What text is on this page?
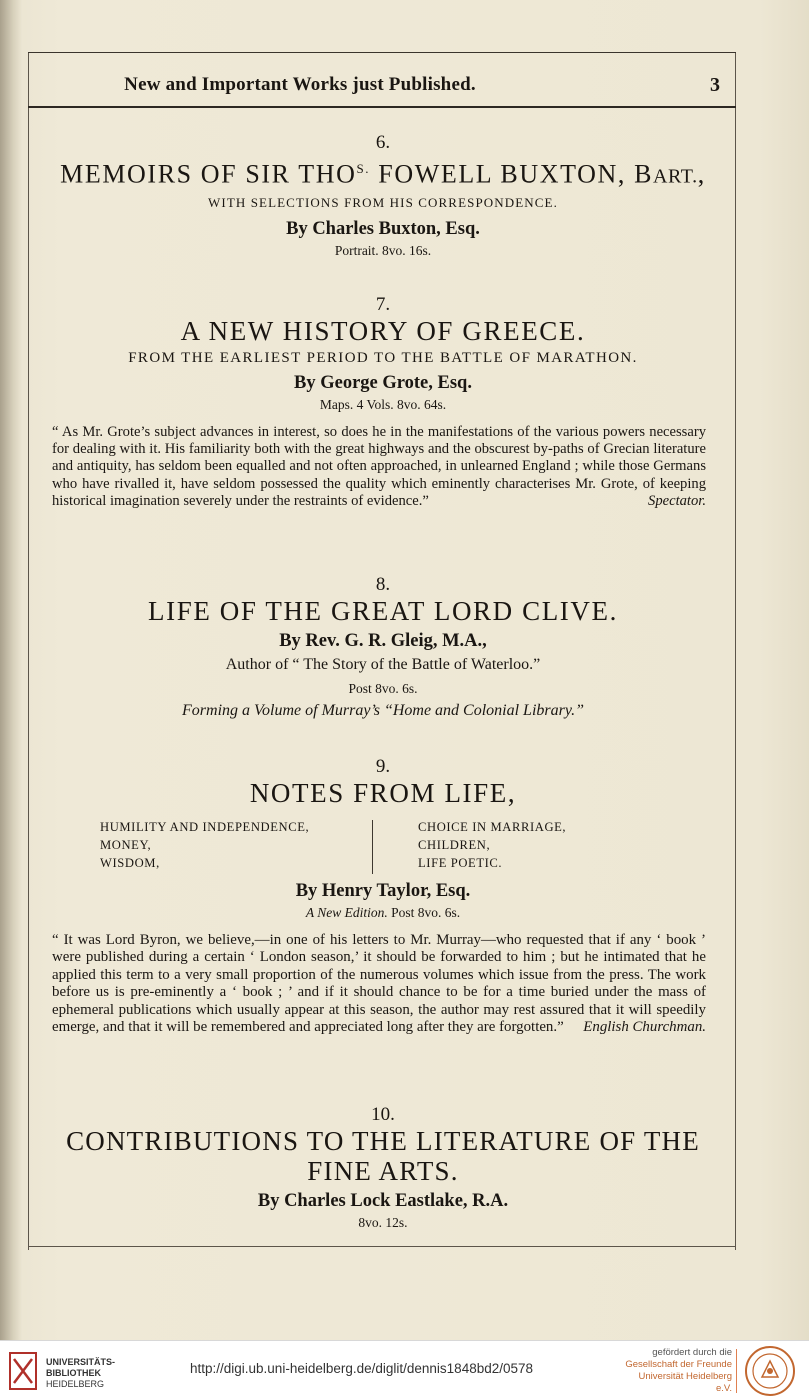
New and Important Works just Published.	3
6.
MEMOIRS OF SIR $THO^{S.}$ FOWELL BUXTON, BART.,
WITH SELECTIONS FROM HIS CORRESPONDENCE.
By Charles Buxton, Esq.
Portrait. 8vo. 16s.
7.
A NEW HISTORY OF GREECE.
FROM THE EARLIEST PERIOD TO THE BATTLE OF MARATHON.
By George Grote, Esq.
Maps. 4 Vols. 8vo. 64s.
“ As Mr. Grote’s subject advances in interest, so does he in the manifestations of the various powers necessary for dealing with it. His familiarity both with the great highways and the obscurest by-paths of Grecian literature and antiquity, has seldom been equalled and not often approached, in unlearned England ; while those Germans who have rivalled it, have seldom possessed the quality which eminently characterises Mr. Grote, of keeping historical imagination severely under the restraints of evidence.”	Spectator.
8.
LIFE OF THE GREAT LORD CLIVE.
By Rev. G. R. Gleig, M.A.,
Author of “ The Story of the Battle of Waterloo.”
Post 8vo. 6s.
Forming a Volume of Murray’s “Home and Colonial Library.”
9.
NOTES FROM LIFE,
HUMILITY AND INDEPENDENCE,
MONEY,
WISDOM,
CHOICE IN MARRIAGE,
CHILDREN,
LIFE POETIC.
By Henry Taylor, Esq.
A New Edition. Post 8vo. 6s.
“ It was Lord Byron, we believe,—in one of his letters to Mr. Murray—who requested that if any ‘ book ’ were published during a certain ‘ London season,’ it should be forwarded to him ; but he intimated that he applied this term to a very small proportion of the numerous volumes which issue from the press. The work before us is pre-eminently a ‘ book ; ’ and if it should chance to be for a time buried under the mass of ephemeral publications which usually appear at this season, the author may rest assured that it will speedily emerge, and that it will be remembered and appreciated long after they are forgotten.” English Churchman.
10.
CONTRIBUTIONS TO THE LITERATURE OF THE
FINE ARTS.
By Charles Lock Eastlake, R.A.
8vo. 12s.
UNIVERSITÄTS-
BIBLIOTHEK
HEIDELBERG
http://digi.ub.uni-heidelberg.de/diglit/dennis1848bd2/0578
gefördert durch die
Gesellschaft der Freunde
Universität Heidelberg e.V.
